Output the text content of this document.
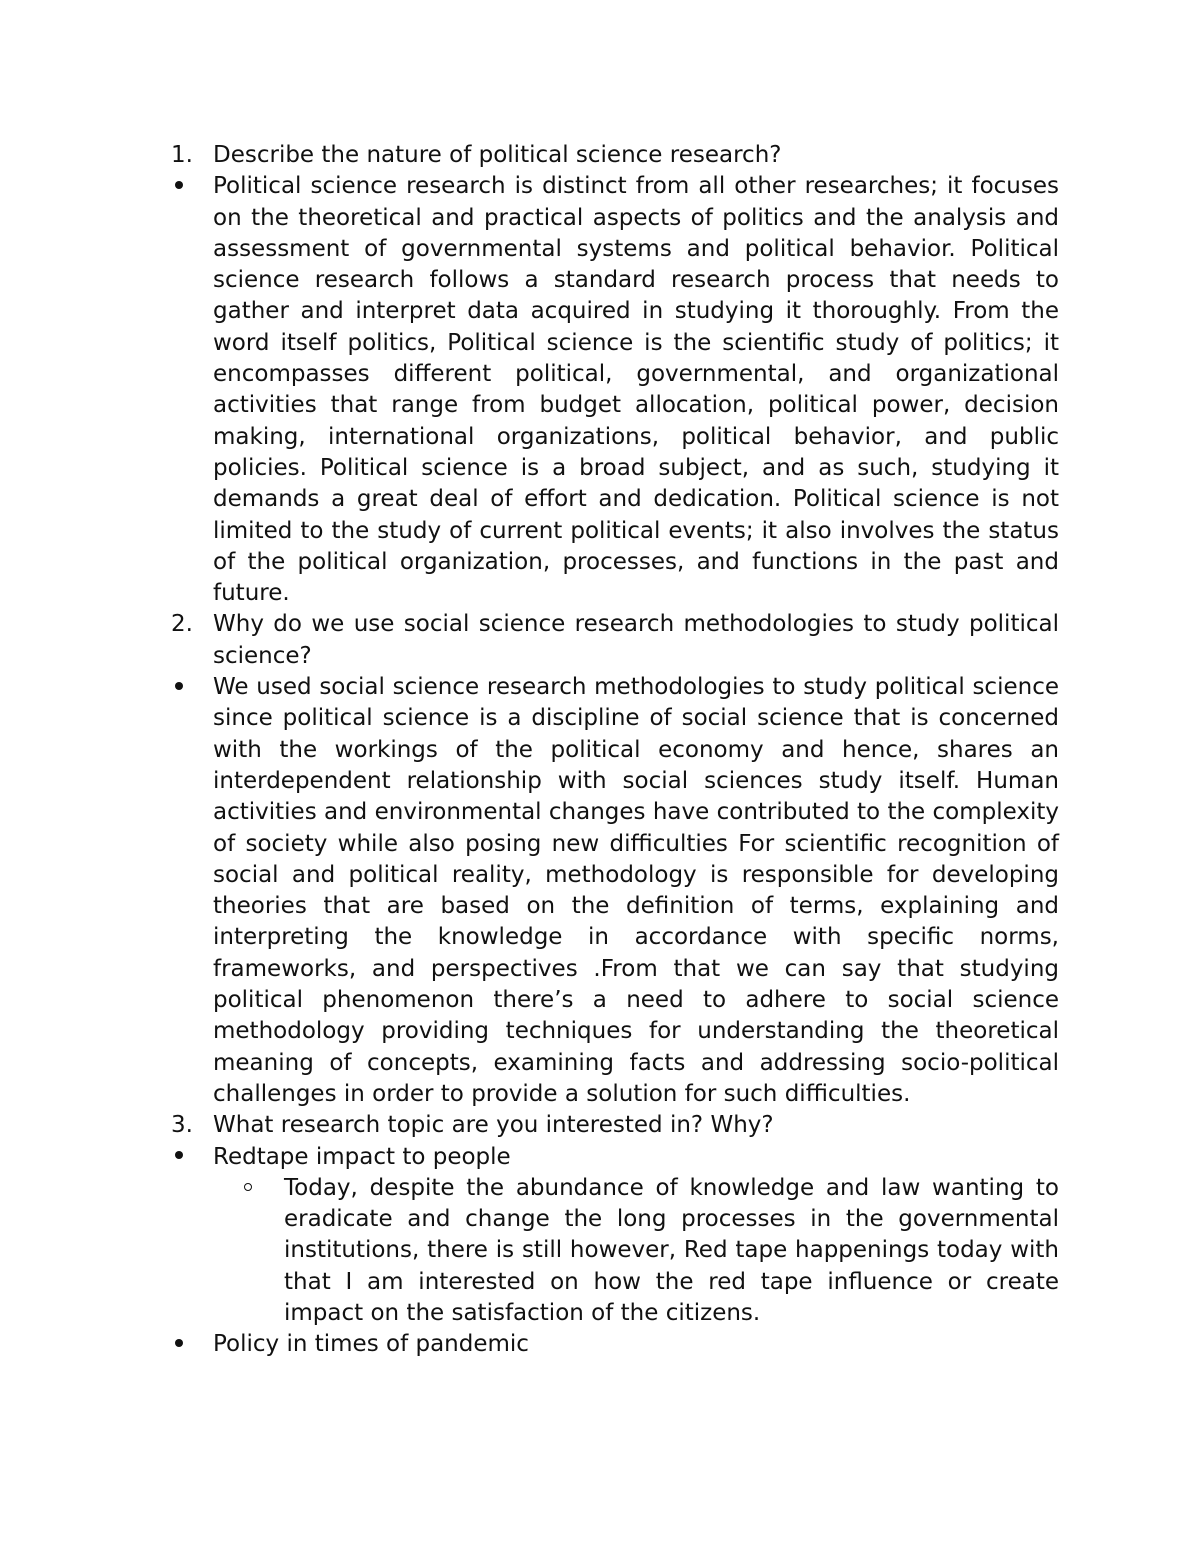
1. Describe the nature of political science research?
Political science research is distinct from all other researches; it focuses on the theoretical and practical aspects of politics and the analysis and assessment of governmental systems and political behavior. Political science research follows a standard research process that needs to gather and interpret data acquired in studying it thoroughly. From the word itself politics, Political science is the scientific study of politics; it encompasses different political, governmental, and organizational activities that range from budget allocation, political power, decision making, international organizations, political behavior, and public policies. Political science is a broad subject, and as such, studying it demands a great deal of effort and dedication. Political science is not limited to the study of current political events; it also involves the status of the political organization, processes, and functions in the past and future.
2. Why do we use social science research methodologies to study political science?
We used social science research methodologies to study political science since political science is a discipline of social science that is concerned with the workings of the political economy and hence, shares an interdependent relationship with social sciences study itself. Human activities and environmental changes have contributed to the complexity of society while also posing new difficulties For scientific recognition of social and political reality, methodology is responsible for developing theories that are based on the definition of terms, explaining and interpreting the knowledge in accordance with specific norms, frameworks, and perspectives .From that we can say that studying political phenomenon there’s a need to adhere to social science methodology providing techniques for understanding the theoretical meaning of concepts, examining facts and addressing socio-political challenges in order to provide a solution for such difficulties.
3. What research topic are you interested in? Why?
Redtape impact to people
Today, despite the abundance of knowledge and law wanting to eradicate and change the long processes in the governmental institutions, there is still however, Red tape happenings today with that I am interested on how the red tape influence or create impact on the satisfaction of the citizens.
Policy in times of pandemic
